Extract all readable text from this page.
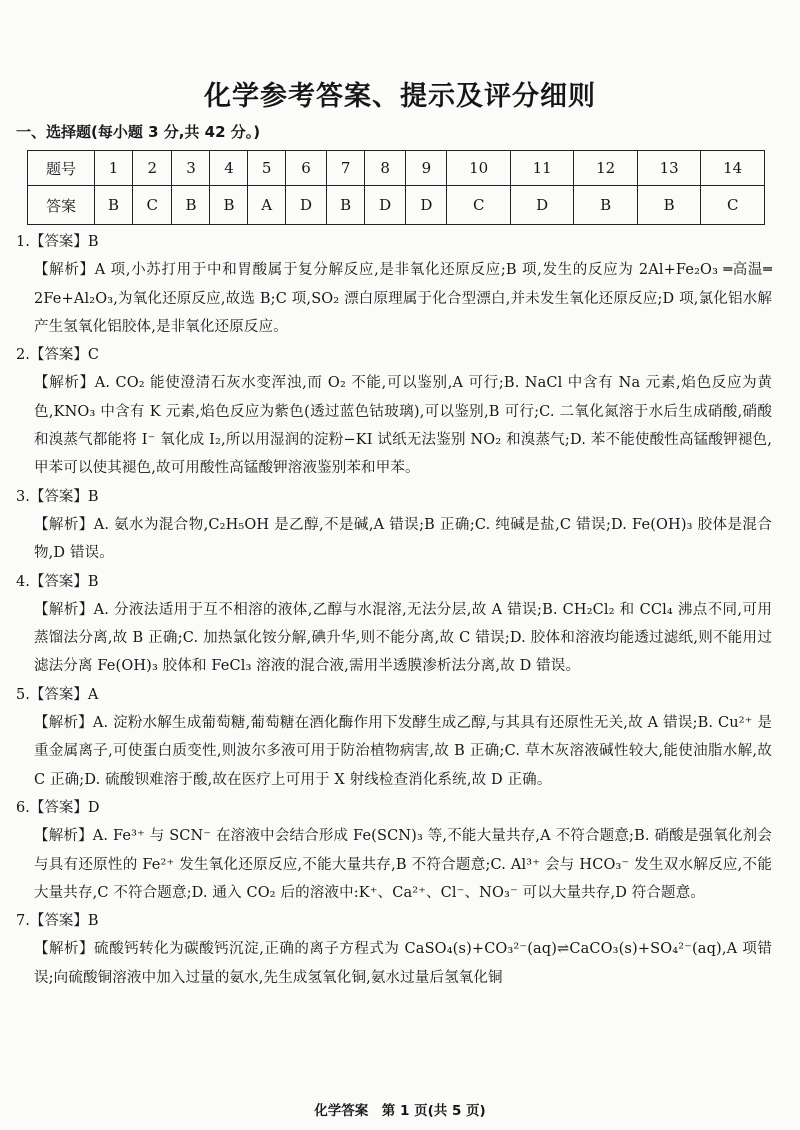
化学参考答案、提示及评分细则
一、选择题(每小题 3 分,共 42 分。)
题号	1	2	3	4	5	6	7	8	9	10	11	12	13	14
答案	B	C	B	B	A	D	B	D	D	C	D	B	B	C

1.【答案】B

【解析】A 项,小苏打用于中和胃酸属于复分解反应,是非氧化还原反应;B 项,发生的反应为 2Al+Fe₂O₃ ═高温═ 2Fe+Al₂O₃,为氧化还原反应,故选 B;C 项,SO₂ 漂白原理属于化合型漂白,并未发生氧化还原反应;D 项,氯化铝水解产生氢氧化铝胶体,是非氧化还原反应。

2.【答案】C

【解析】A. CO₂ 能使澄清石灰水变浑浊,而 O₂ 不能,可以鉴别,A 可行;B. NaCl 中含有 Na 元素,焰色反应为黄色,KNO₃ 中含有 K 元素,焰色反应为紫色(透过蓝色钴玻璃),可以鉴别,B 可行;C. 二氧化氮溶于水后生成硝酸,硝酸和溴蒸气都能将 I⁻ 氧化成 I₂,所以用湿润的淀粉−KI 试纸无法鉴别 NO₂ 和溴蒸气;D. 苯不能使酸性高锰酸钾褪色,甲苯可以使其褪色,故可用酸性高锰酸钾溶液鉴别苯和甲苯。

3.【答案】B

【解析】A. 氨水为混合物,C₂H₅OH 是乙醇,不是碱,A 错误;B 正确;C. 纯碱是盐,C 错误;D. Fe(OH)₃ 胶体是混合物,D 错误。

4.【答案】B

【解析】A. 分液法适用于互不相溶的液体,乙醇与水混溶,无法分层,故 A 错误;B. CH₂Cl₂ 和 CCl₄ 沸点不同,可用蒸馏法分离,故 B 正确;C. 加热氯化铵分解,碘升华,则不能分离,故 C 错误;D. 胶体和溶液均能透过滤纸,则不能用过滤法分离 Fe(OH)₃ 胶体和 FeCl₃ 溶液的混合液,需用半透膜渗析法分离,故 D 错误。

5.【答案】A

【解析】A. 淀粉水解生成葡萄糖,葡萄糖在酒化酶作用下发酵生成乙醇,与其具有还原性无关,故 A 错误;B. Cu²⁺ 是重金属离子,可使蛋白质变性,则波尔多液可用于防治植物病害,故 B 正确;C. 草木灰溶液碱性较大,能使油脂水解,故 C 正确;D. 硫酸钡难溶于酸,故在医疗上可用于 X 射线检查消化系统,故 D 正确。

6.【答案】D

【解析】A. Fe³⁺ 与 SCN⁻ 在溶液中会结合形成 Fe(SCN)₃ 等,不能大量共存,A 不符合题意;B. 硝酸是强氧化剂会与具有还原性的 Fe²⁺ 发生氧化还原反应,不能大量共存,B 不符合题意;C. Al³⁺ 会与 HCO₃⁻ 发生双水解反应,不能大量共存,C 不符合题意;D. 通入 CO₂ 后的溶液中:K⁺、Ca²⁺、Cl⁻、NO₃⁻ 可以大量共存,D 符合题意。

7.【答案】B

【解析】硫酸钙转化为碳酸钙沉淀,正确的离子方程式为 CaSO₄(s)+CO₃²⁻(aq)⇌CaCO₃(s)+SO₄²⁻(aq),A 项错误;向硫酸铜溶液中加入过量的氨水,先生成氢氧化铜,氨水过量后氢氧化铜

化学答案　第 1 页(共 5 页)
